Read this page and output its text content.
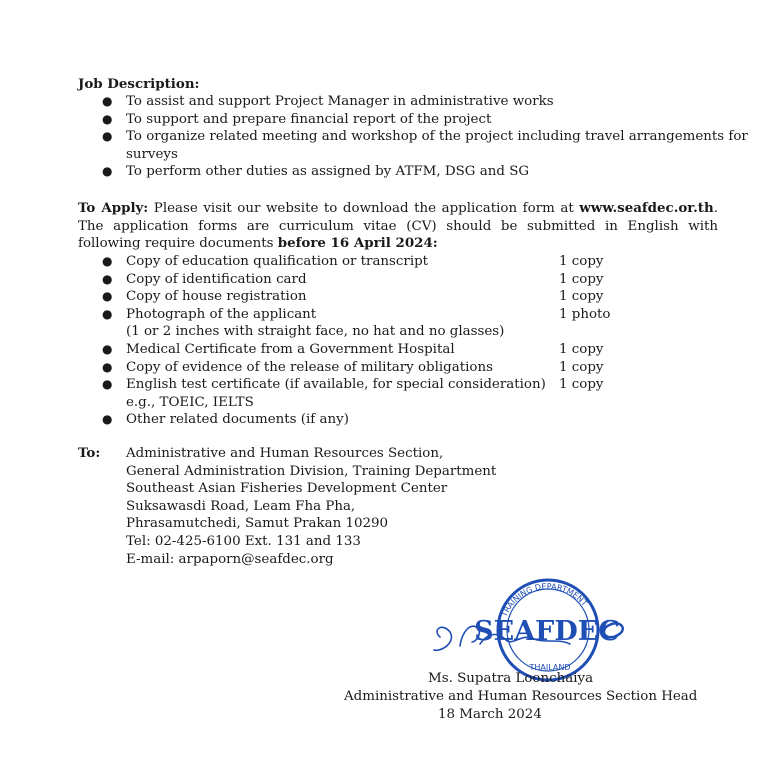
Job Description:
● To assist and support Project Manager in administrative works
● To support and prepare financial report of the project
● To organize related meeting and workshop of the project including travel arrangements for
surveys
● To perform other duties as assigned by ATFM, DSG and SG
To Apply: Please visit our website to download the application form at www.seafdec.or.th. The application forms are curriculum vitae (CV) should be submitted in English with following require documents before 16 April 2024:
● Copy of education qualification or transcript	1 copy
● Copy of identification card	1 copy
● Copy of house registration	1 copy
● Photograph of the applicant	1 photo
(1 or 2 inches with straight face, no hat and no glasses)
● Medical Certificate from a Government Hospital	1 copy
● Copy of evidence of the release of military obligations	1 copy
● English test certificate (if available, for special consideration) 1 copy
e.g., TOEIC, IELTS
● Other related documents (if any)
To: Administrative and Human Resources Section,
General Administration Division, Training Department
Southeast Asian Fisheries Development Center
Suksawasdi Road, Leam Fha Pha,
Phrasamutchedi, Samut Prakan 10290
Tel: 02-425-6100 Ext. 131 and 133
E-mail: arpaporn@seafdec.org
TRAINING DEPARTMENT
SEAFDEC
THAILAND
Ms. Supatra Loonchaiya
Administrative and Human Resources Section Head
18 March 2024
